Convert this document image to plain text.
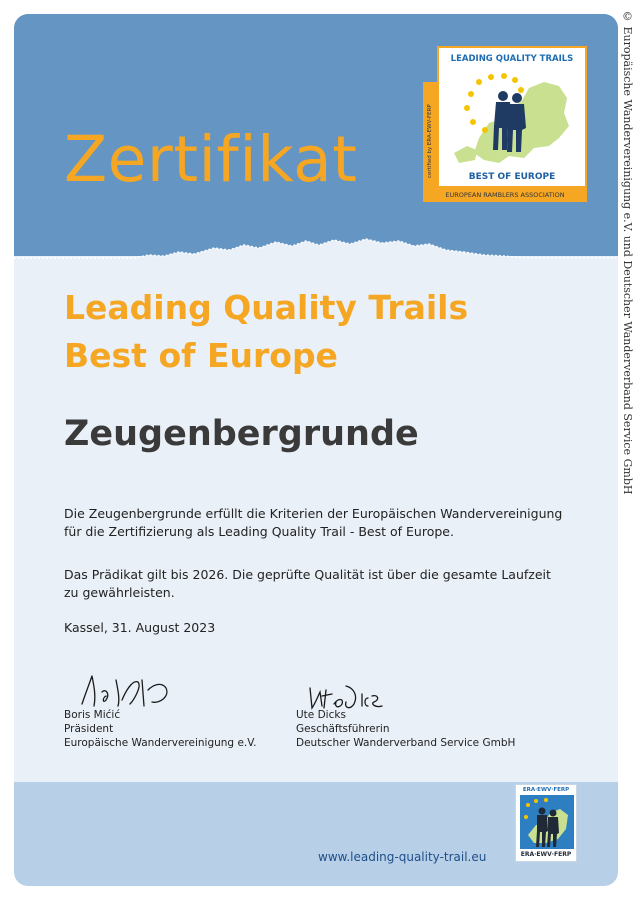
Zertifikat	certified by ERA-EWV-FERP
LEADING QUALITY TRAILS
BEST OF EUROPE
EUROPEAN RAMBLERS ASSOCIATION
Leading Quality Trails
Best of Europe
Zeugenbergrunde
Die Zeugenbergrunde erfüllt die Kriterien der Europäischen Wandervereinigung
für die Zertifizierung als Leading Quality Trail - Best of Europe.
Das Prädikat gilt bis 2026. Die geprüfte Qualität ist über die gesamte Laufzeit
zu gewährleisten.
Kassel, 31. August 2023
Boris Mićić
Präsident
Europäische Wandervereinigung e.V.
Ute Dicks
Geschäftsführerin
Deutscher Wanderverband Service GmbH
ERA·EWV·FERP
ERA·EWV·FERP
www.leading-quality-trail.eu
© Europäische Wandervereinigung e.V. und Deutscher Wanderverband Service GmbH
